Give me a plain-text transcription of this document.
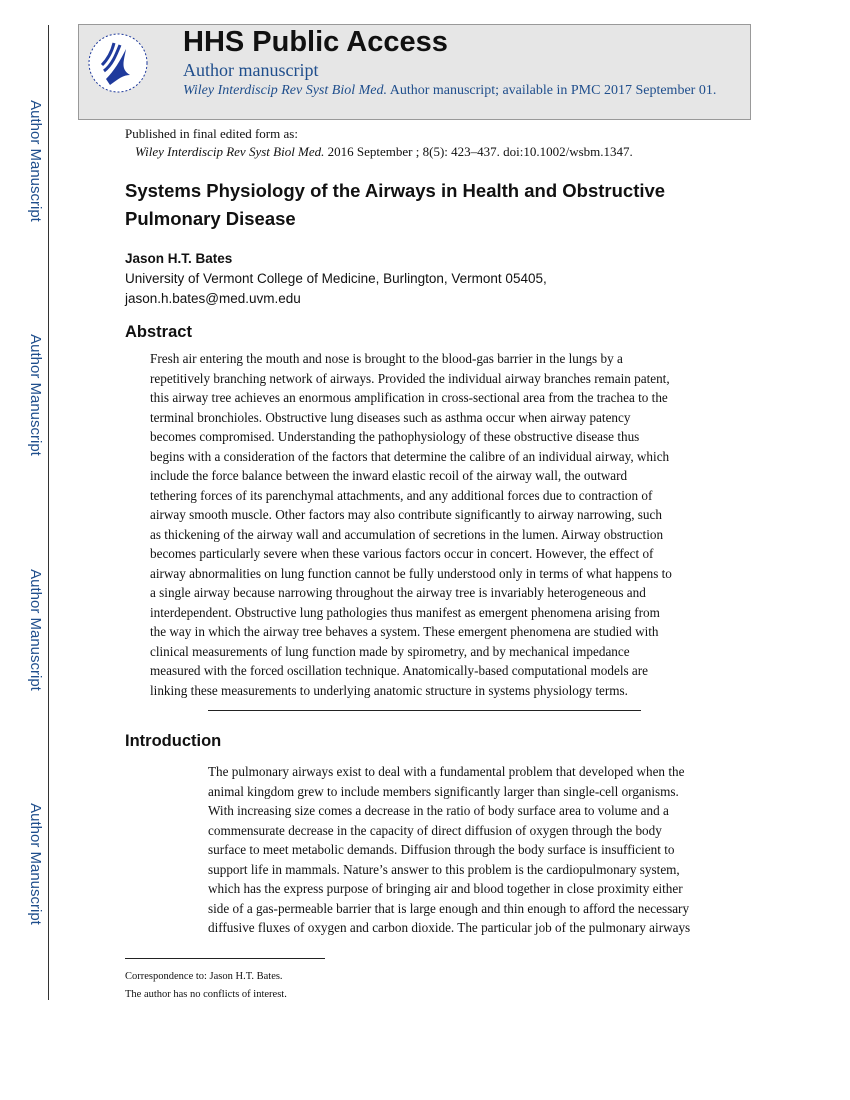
Author Manuscript
Author Manuscript
Author Manuscript
Author Manuscript
HHS Public Access
Author manuscript
Wiley Interdiscip Rev Syst Biol Med. Author manuscript; available in PMC 2017 September 01.
Published in final edited form as:
Wiley Interdiscip Rev Syst Biol Med. 2016 September ; 8(5): 423–437. doi:10.1002/wsbm.1347.
Systems Physiology of the Airways in Health and Obstructive Pulmonary Disease
Jason H.T. Bates
University of Vermont College of Medicine, Burlington, Vermont 05405,
jason.h.bates@med.uvm.edu
Abstract
Fresh air entering the mouth and nose is brought to the blood-gas barrier in the lungs by a
repetitively branching network of airways. Provided the individual airway branches remain patent,
this airway tree achieves an enormous amplification in cross-sectional area from the trachea to the
terminal bronchioles. Obstructive lung diseases such as asthma occur when airway patency
becomes compromised. Understanding the pathophysiology of these obstructive disease thus
begins with a consideration of the factors that determine the calibre of an individual airway, which
include the force balance between the inward elastic recoil of the airway wall, the outward
tethering forces of its parenchymal attachments, and any additional forces due to contraction of
airway smooth muscle. Other factors may also contribute significantly to airway narrowing, such
as thickening of the airway wall and accumulation of secretions in the lumen. Airway obstruction
becomes particularly severe when these various factors occur in concert. However, the effect of
airway abnormalities on lung function cannot be fully understood only in terms of what happens to
a single airway because narrowing throughout the airway tree is invariably heterogeneous and
interdependent. Obstructive lung pathologies thus manifest as emergent phenomena arising from
the way in which the airway tree behaves a system. These emergent phenomena are studied with
clinical measurements of lung function made by spirometry, and by mechanical impedance
measured with the forced oscillation technique. Anatomically-based computational models are
linking these measurements to underlying anatomic structure in systems physiology terms.
Introduction
The pulmonary airways exist to deal with a fundamental problem that developed when the
animal kingdom grew to include members significantly larger than single-cell organisms.
With increasing size comes a decrease in the ratio of body surface area to volume and a
commensurate decrease in the capacity of direct diffusion of oxygen through the body
surface to meet metabolic demands. Diffusion through the body surface is insufficient to
support life in mammals. Nature’s answer to this problem is the cardiopulmonary system,
which has the express purpose of bringing air and blood together in close proximity either
side of a gas-permeable barrier that is large enough and thin enough to afford the necessary
diffusive fluxes of oxygen and carbon dioxide. The particular job of the pulmonary airways
Correspondence to: Jason H.T. Bates.
The author has no conflicts of interest.
